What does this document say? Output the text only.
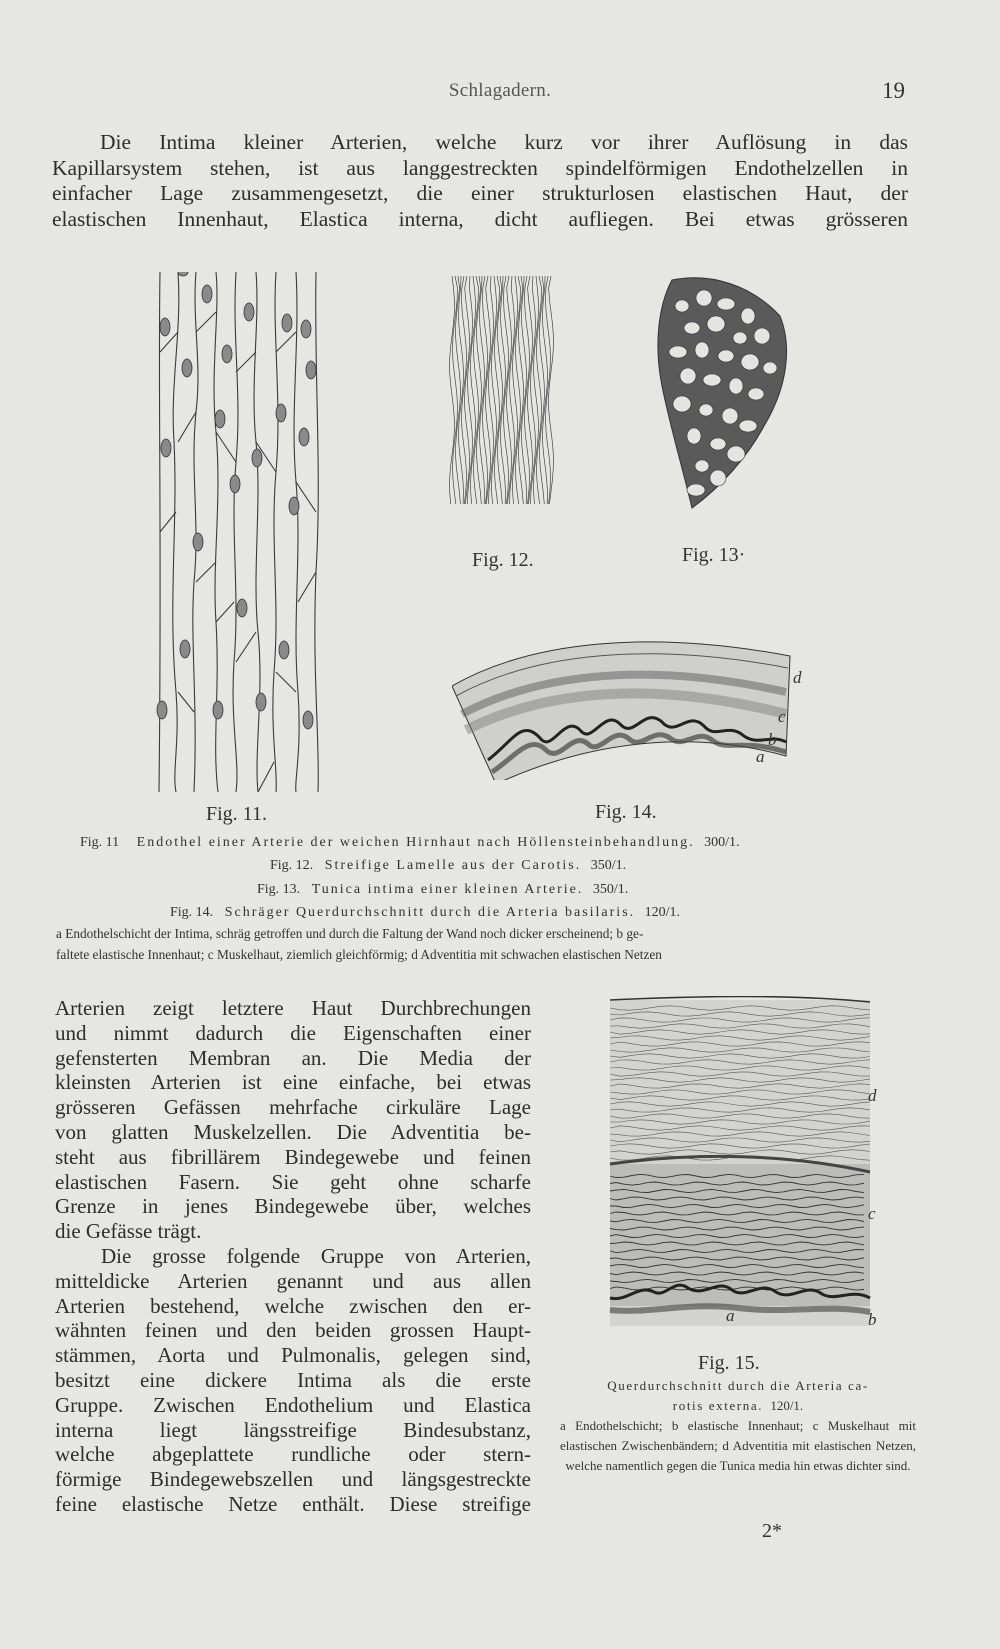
Schlagadern.	19
Die Intima kleiner Arterien, welche kurz vor ihrer Auflösung in das
Kapillarsystem stehen, ist aus langgestreckten spindelförmigen Endothelzellen in
einfacher Lage zusammengesetzt, die einer strukturlosen elastischen Haut, der
elastischen Innenhaut, Elastica interna, dicht aufliegen. Bei etwas grösseren
Fig. 11.
Fig. 12.	Fig. 13·
d
c
b
a
Fig. 14.
Fig. 11 Endothel einer Arterie der weichen Hirnhaut nach Höllensteinbehandlung. 300/1.
Fig. 12. Streifige Lamelle aus der Carotis. 350/1.
Fig. 13. Tunica intima einer kleinen Arterie. 350/1.
Fig. 14. Schräger Querdurchschnitt durch die Arteria basilaris. 120/1.
a Endothelschicht der Intima, schräg getroffen und durch die Faltung der Wand noch dicker erscheinend; b ge-
faltete elastische Innenhaut; c Muskelhaut, ziemlich gleichförmig; d Adventitia mit schwachen elastischen Netzen
Arterien zeigt letztere Haut Durchbrechungen
und nimmt dadurch die Eigenschaften einer
gefensterten Membran an. Die Media der
kleinsten Arterien ist eine einfache, bei etwas
grösseren Gefässen mehrfache cirkuläre Lage
von glatten Muskelzellen. Die Adventitia be-
steht aus fibrillärem Bindegewebe und feinen
elastischen Fasern. Sie geht ohne scharfe
Grenze in jenes Bindegewebe über, welches
die Gefässe trägt.
Die grosse folgende Gruppe von Arterien,
mitteldicke Arterien genannt und aus allen
Arterien bestehend, welche zwischen den er-
wähnten feinen und den beiden grossen Haupt-
stämmen, Aorta und Pulmonalis, gelegen sind,
besitzt eine dickere Intima als die erste
Gruppe. Zwischen Endothelium und Elastica
interna liegt längsstreifige Bindesubstanz,
welche abgeplattete rundliche oder stern-
förmige Bindegewebszellen und längsgestreckte
feine elastische Netze enthält. Diese streifige
d
c
a	b
Fig. 15.
Querdurchschnitt durch die Arteria ca-
rotis externa. 120/1.
a Endothelschicht; b elastische Innenhaut; c Muskelhaut mit elastischen Zwischenbändern; d Adventitia mit elastischen Netzen, welche namentlich gegen die Tunica media hin etwas dichter sind.
2*
